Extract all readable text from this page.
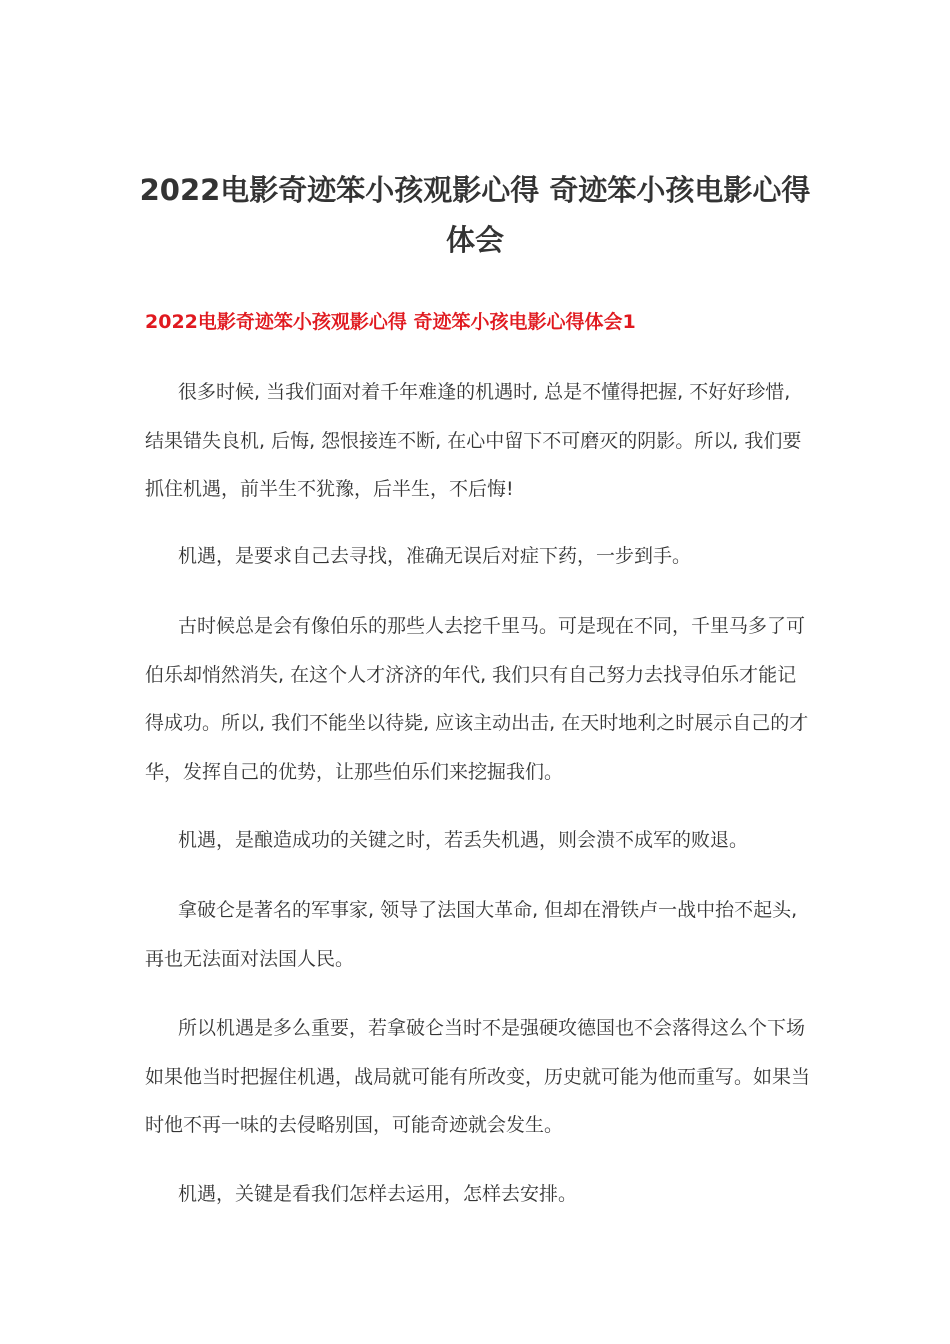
2022电影奇迹笨小孩观影心得 奇迹笨小孩电影心得
体会
2022电影奇迹笨小孩观影心得 奇迹笨小孩电影心得体会1

很多时候, 当我们面对着千年难逢的机遇时, 总是不懂得把握, 不好好珍惜,
结果错失良机, 后悔, 怨恨接连不断, 在心中留下不可磨灭的阴影。所以, 我们要
抓住机遇，前半生不犹豫，后半生，不后悔!

机遇，是要求自己去寻找，准确无误后对症下药，一步到手。

古时候总是会有像伯乐的那些人去挖千里马。可是现在不同，千里马多了可
伯乐却悄然消失, 在这个人才济济的年代, 我们只有自己努力去找寻伯乐才能记
得成功。所以, 我们不能坐以待毙, 应该主动出击, 在天时地利之时展示自己的才
华，发挥自己的优势，让那些伯乐们来挖掘我们。

机遇，是酿造成功的关键之时，若丢失机遇，则会溃不成军的败退。

拿破仑是著名的军事家, 领导了法国大革命, 但却在滑铁卢一战中抬不起头,
再也无法面对法国人民。

所以机遇是多么重要，若拿破仑当时不是强硬攻德国也不会落得这么个下场
如果他当时把握住机遇，战局就可能有所改变，历史就可能为他而重写。如果当
时他不再一味的去侵略别国，可能奇迹就会发生。

机遇，关键是看我们怎样去运用，怎样去安排。
